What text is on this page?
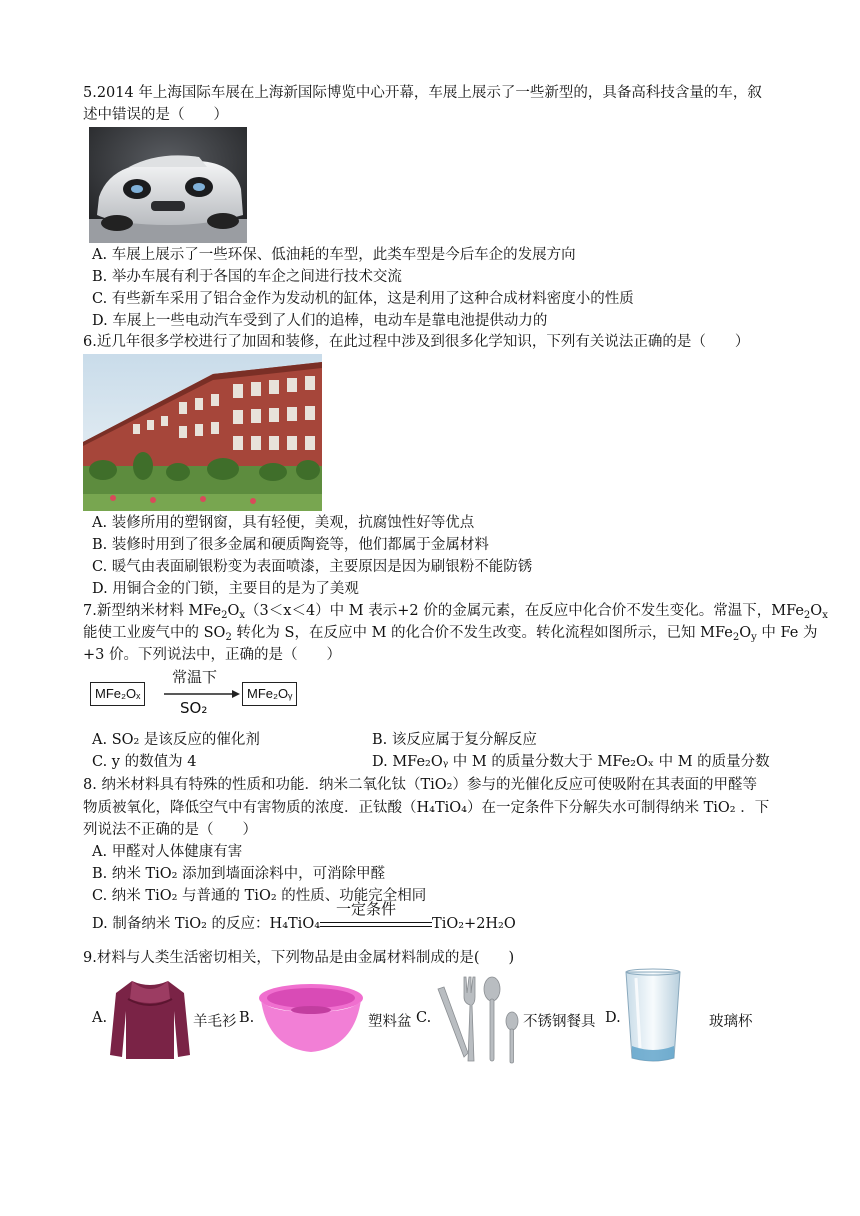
5.2014 年上海国际车展在上海新国际博览中心开幕，车展上展示了一些新型的，具备高科技含量的车，叙
述中错误的是（　　）
A. 车展上展示了一些环保、低油耗的车型，此类车型是今后车企的发展方向
B. 举办车展有利于各国的车企之间进行技术交流
C. 有些新车采用了铝合金作为发动机的缸体，这是利用了这种合成材料密度小的性质
D. 车展上一些电动汽车受到了人们的追棒，电动车是靠电池提供动力的
6.近几年很多学校进行了加固和装修，在此过程中涉及到很多化学知识，下列有关说法正确的是（　　）
A. 装修所用的塑钢窗，具有轻便，美观，抗腐蚀性好等优点
B. 装修时用到了很多金属和硬质陶瓷等，他们都属于金属材料
C. 暖气由表面刷银粉变为表面喷漆，主要原因是因为刷银粉不能防锈
D. 用铜合金的门锁，主要目的是为了美观
7.新型纳米材料 $MFe_2O_x(3<x<4)$中 M 表示+2 价的金属元素，在反应中化合价不发生变化。常温下，$MFe_2O_x$
能使工业废气中的 $SO_2$ 转化为 S，在反应中 M 的化合价不发生改变。转化流程如图所示，已知 $MFe_2O_y$ 中 Fe 为
+3 价。下列说法中，正确的是（　　）
MFe₂Oₓ
常温下
SO₂
MFe₂Oᵧ
A. SO₂ 是该反应的催化剂	B. 该反应属于复分解反应
C. y 的数值为 4	D. MFe₂Oᵧ 中 M 的质量分数大于 MFe₂Oₓ 中 M 的质量分数
8. 纳米材料具有特殊的性质和功能．纳米二氧化钛（TiO₂）参与的光催化反应可使吸附在其表面的甲醛等
物质被氧化，降低空气中有害物质的浓度．正钛酸（H₄TiO₄）在一定条件下分解失水可制得纳米 TiO₂ ．下
列说法不正确的是（　　）
A. 甲醛对人体健康有害
B. 纳米 TiO₂ 添加到墙面涂料中，可消除甲醛
C. 纳米 TiO₂ 与普通的 TiO₂ 的性质、功能完全相同
D. 制备纳米 TiO₂ 的反应：H₄TiO₄
一定条件
TiO₂+2H₂O
9.材料与人类生活密切相关，下列物品是由金属材料制成的是(　　)
A.	羊毛衫 B.	塑料盆 C.	不锈钢餐具 D.	玻璃杯
